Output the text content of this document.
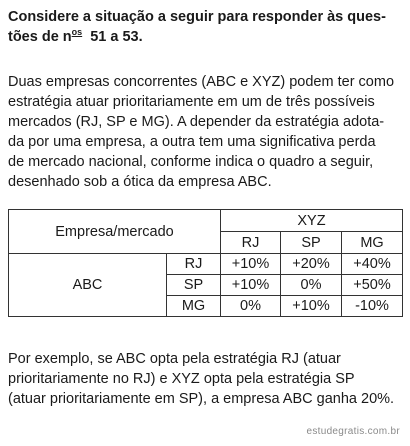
Considere a situação a seguir para responder às ques-
tões de $n^{os}$  51 a 53.

Duas empresas concorrentes (ABC e XYZ) podem ter como
estratégia atuar prioritariamente em um de três possíveis
mercados (RJ, SP e MG). A depender da estratégia adota-
da por uma empresa, a outra tem uma significativa perda
de mercado nacional, conforme indica o quadro a seguir,
desenhado sob a ótica da empresa ABC.

Empresa/mercado		XYZ		
		RJ	SP	MG
ABC	RJ	+10%	+20%	+40%
	SP	+10%	0%	+50%
	MG	0%	+10%	-10%

Por exemplo, se ABC opta pela estratégia RJ (atuar
prioritariamente no RJ) e XYZ opta pela estratégia SP
(atuar prioritariamente em SP), a empresa ABC ganha 20%.

estudegratis.com.br
